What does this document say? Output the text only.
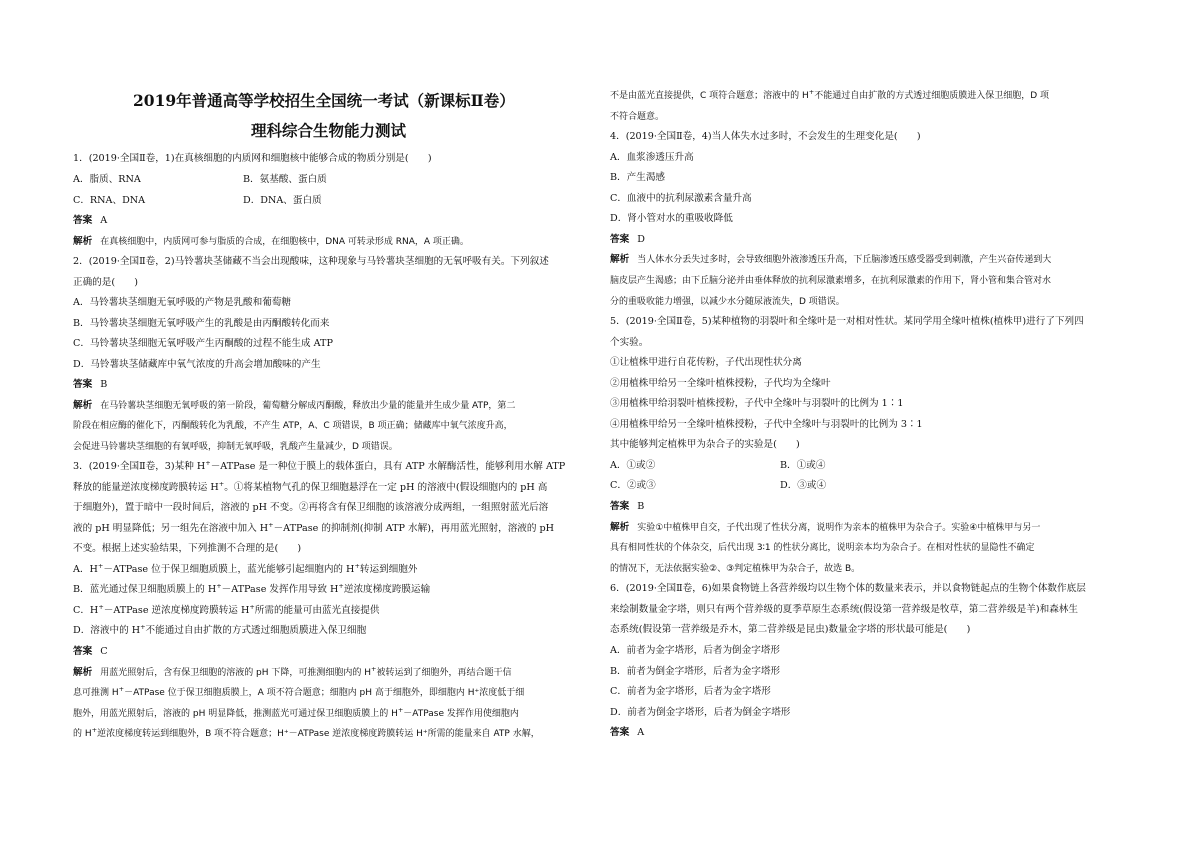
2019年普通高等学校招生全国统一考试（新课标Ⅱ卷）
理科综合生物能力测试
1．(2019·全国Ⅱ卷，1)在真核细胞的内质网和细胞核中能够合成的物质分别是(　　)
A．脂质、RNA	B．氨基酸、蛋白质
C．RNA、DNA	D．DNA、蛋白质
答案 A
解析 在真核细胞中，内质网可参与脂质的合成，在细胞核中，DNA 可转录形成 RNA，A 项正确。
2．(2019·全国Ⅱ卷，2)马铃薯块茎储藏不当会出现酸味，这种现象与马铃薯块茎细胞的无氧呼吸有关。下列叙述
正确的是(　　)
A．马铃薯块茎细胞无氧呼吸的产物是乳酸和葡萄糖
B．马铃薯块茎细胞无氧呼吸产生的乳酸是由丙酮酸转化而来
C．马铃薯块茎细胞无氧呼吸产生丙酮酸的过程不能生成 ATP
D．马铃薯块茎储藏库中氧气浓度的升高会增加酸味的产生
答案 B
解析 在马铃薯块茎细胞无氧呼吸的第一阶段，葡萄糖分解成丙酮酸，释放出少量的能量并生成少量 ATP，第二
阶段在相应酶的催化下，丙酮酸转化为乳酸，不产生 ATP，A、C 项错误，B 项正确；储藏库中氧气浓度升高，
会促进马铃薯块茎细胞的有氧呼吸，抑制无氧呼吸，乳酸产生量减少，D 项错误。
3．(2019·全国Ⅱ卷，3)某种 H+－ATPase 是一种位于膜上的载体蛋白，具有 ATP 水解酶活性，能够利用水解 ATP
释放的能量逆浓度梯度跨膜转运 H+。①将某植物气孔的保卫细胞悬浮在一定 pH 的溶液中(假设细胞内的 pH 高
于细胞外)，置于暗中一段时间后，溶液的 pH 不变。②再将含有保卫细胞的该溶液分成两组，一组照射蓝光后溶
液的 pH 明显降低；另一组先在溶液中加入 H+－ATPase 的抑制剂(抑制 ATP 水解)，再用蓝光照射，溶液的 pH
不变。根据上述实验结果，下列推测不合理的是(　　)
A．H+－ATPase 位于保卫细胞质膜上，蓝光能够引起细胞内的 H+转运到细胞外
B．蓝光通过保卫细胞质膜上的 H+－ATPase 发挥作用导致 H+逆浓度梯度跨膜运输
C．H+－ATPase 逆浓度梯度跨膜转运 H+所需的能量可由蓝光直接提供
D．溶液中的 H+不能通过自由扩散的方式透过细胞质膜进入保卫细胞
答案 C
解析 用蓝光照射后，含有保卫细胞的溶液的 pH 下降，可推测细胞内的 H+被转运到了细胞外，再结合题干信
息可推测 H+－ATPase 位于保卫细胞质膜上，A 项不符合题意；细胞内 pH 高于细胞外，即细胞内 H⁺浓度低于细
胞外，用蓝光照射后，溶液的 pH 明显降低，推测蓝光可通过保卫细胞质膜上的 H+－ATPase 发挥作用使细胞内
的 H+逆浓度梯度转运到细胞外，B 项不符合题意；H⁺－ATPase 逆浓度梯度跨膜转运 H⁺所需的能量来自 ATP 水解，
不是由蓝光直接提供，C 项符合题意；溶液中的 H+不能通过自由扩散的方式透过细胞质膜进入保卫细胞，D 项
不符合题意。
4．(2019·全国Ⅱ卷，4)当人体失水过多时，不会发生的生理变化是(　　)
A．血浆渗透压升高
B．产生渴感
C．血液中的抗利尿激素含量升高
D．肾小管对水的重吸收降低
答案 D
解析 当人体水分丢失过多时，会导致细胞外液渗透压升高，下丘脑渗透压感受器受到刺激，产生兴奋传递到大
脑皮层产生渴感；由下丘脑分泌并由垂体释放的抗利尿激素增多，在抗利尿激素的作用下，肾小管和集合管对水
分的重吸收能力增强，以减少水分随尿液流失，D 项错误。
5．(2019·全国Ⅱ卷，5)某种植物的羽裂叶和全缘叶是一对相对性状。某同学用全缘叶植株(植株甲)进行了下列四
个实验。
①让植株甲进行自花传粉，子代出现性状分离
②用植株甲给另一全缘叶植株授粉，子代均为全缘叶
③用植株甲给羽裂叶植株授粉，子代中全缘叶与羽裂叶的比例为 1∶1
④用植株甲给另一全缘叶植株授粉，子代中全缘叶与羽裂叶的比例为 3∶1
其中能够判定植株甲为杂合子的实验是(　　)
A．①或②	B．①或④
C．②或③	D．③或④
答案 B
解析 实验①中植株甲自交，子代出现了性状分离，说明作为亲本的植株甲为杂合子。实验④中植株甲与另一
具有相同性状的个体杂交，后代出现 3∶1 的性状分离比，说明亲本均为杂合子。在相对性状的显隐性不确定
的情况下，无法依据实验②、③判定植株甲为杂合子，故选 B。
6．(2019·全国Ⅱ卷，6)如果食物链上各营养级均以生物个体的数量来表示，并以食物链起点的生物个体数作底层
来绘制数量金字塔，则只有两个营养级的夏季草原生态系统(假设第一营养级是牧草，第二营养级是羊)和森林生
态系统(假设第一营养级是乔木，第二营养级是昆虫)数量金字塔的形状最可能是(　　)
A．前者为金字塔形，后者为倒金字塔形
B．前者为倒金字塔形，后者为金字塔形
C．前者为金字塔形，后者为金字塔形
D．前者为倒金字塔形，后者为倒金字塔形
答案 A
